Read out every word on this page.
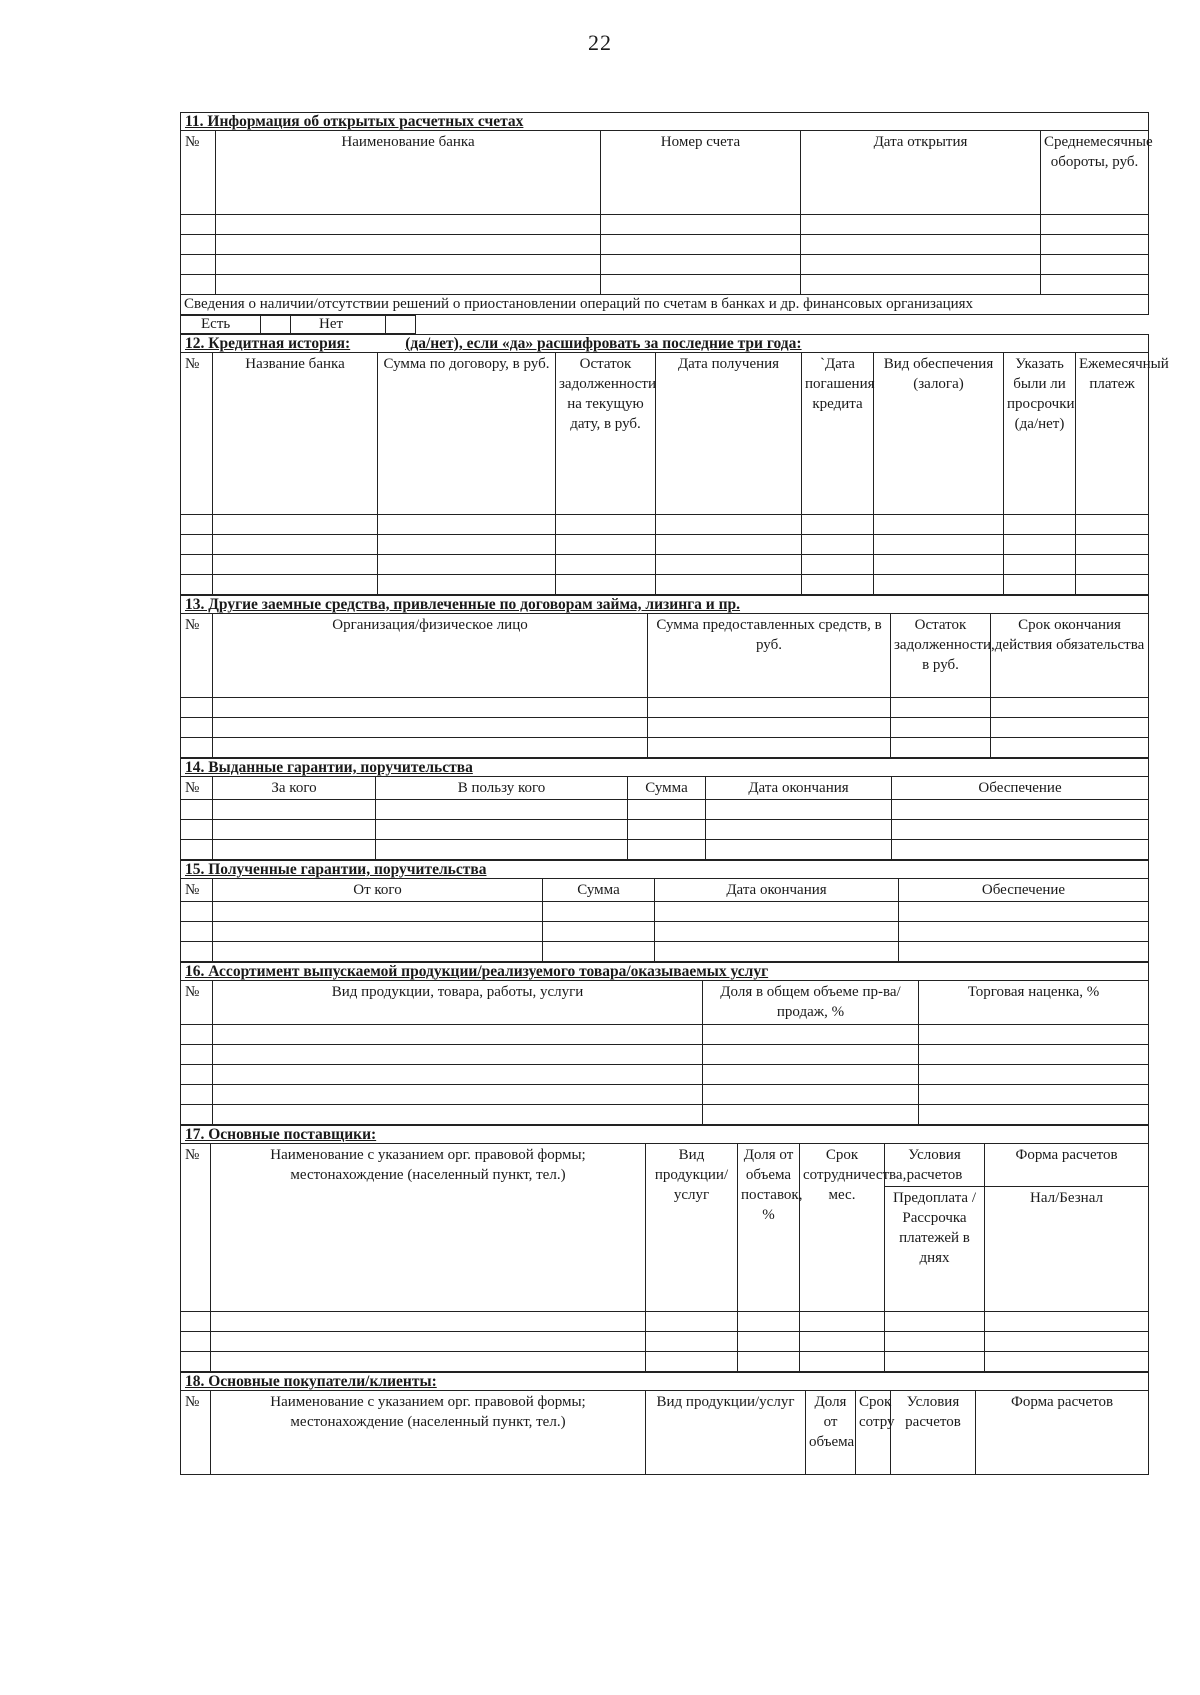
22
11. Информация об открытых расчетных счетах				
№	Наименование банка	Номер счета	Дата открытия	Среднемесячные обороты, руб.

Сведения о наличии/отсутствии решений о приостановлении операций по счетам в банках и др. финансовых организациях				
Есть		Нет		
12. Кредитная история: (да/нет), если «да» расшифровать за последние три года:								
№	Название банка	Сумма по договору, в руб.	Остаток задолженности на текущую дату, в руб.	Дата получения	`Дата погашения кредита	Вид обеспечения (залога)	Указать были ли просрочки (да/нет)	Ежемесячный платеж

13. Другие заемные средства, привлеченные по договорам займа, лизинга и пр.				
№	Организация/физическое лицо	Сумма предоставленных средств, в руб.	Остаток задолженности, в руб.	Срок окончания действия обязательства

14. Выданные гарантии, поручительства					
№	За кого	В пользу кого	Сумма	Дата окончания	Обеспечение

15. Полученные гарантии, поручительства				
№	От кого	Сумма	Дата окончания	Обеспечение

16. Ассортимент выпускаемой продукции/реализуемого товара/оказываемых услуг			
№	Вид продукции, товара, работы, услуги	Доля в общем объеме пр-ва/продаж, %	Торговая наценка, %

17. Основные поставщики:						
№	Наименование с указанием орг. правовой формы; местонахождение (населенный пункт, тел.)	Вид продукции/услуг	Доля от объема поставок, %	Срок сотрудничества, мес.	Условия расчетов	Форма расчетов
					Предоплата / Рассрочка платежей в днях	Нал/Безнал

18. Основные покупатели/клиенты:
№	Наименование с указанием орг. правовой формы; местонахождение (населенный пункт, тел.)	Вид продукции/услуг	Доля от объема	Срок сотру	Условия расчетов	Форма расчетов
